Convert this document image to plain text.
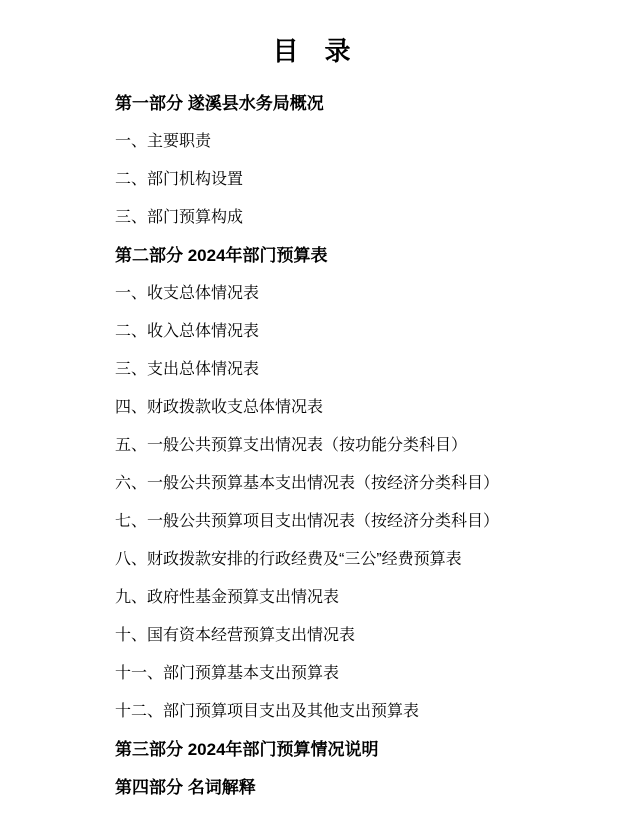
目　录
第一部分 遂溪县水务局概况
一、主要职责
二、部门机构设置
三、部门预算构成
第二部分 2024年部门预算表
一、收支总体情况表
二、收入总体情况表
三、支出总体情况表
四、财政拨款收支总体情况表
五、一般公共预算支出情况表（按功能分类科目）
六、一般公共预算基本支出情况表（按经济分类科目）
七、一般公共预算项目支出情况表（按经济分类科目）
八、财政拨款安排的行政经费及“三公”经费预算表
九、政府性基金预算支出情况表
十、国有资本经营预算支出情况表
十一、部门预算基本支出预算表
十二、部门预算项目支出及其他支出预算表
第三部分 2024年部门预算情况说明
第四部分 名词解释
